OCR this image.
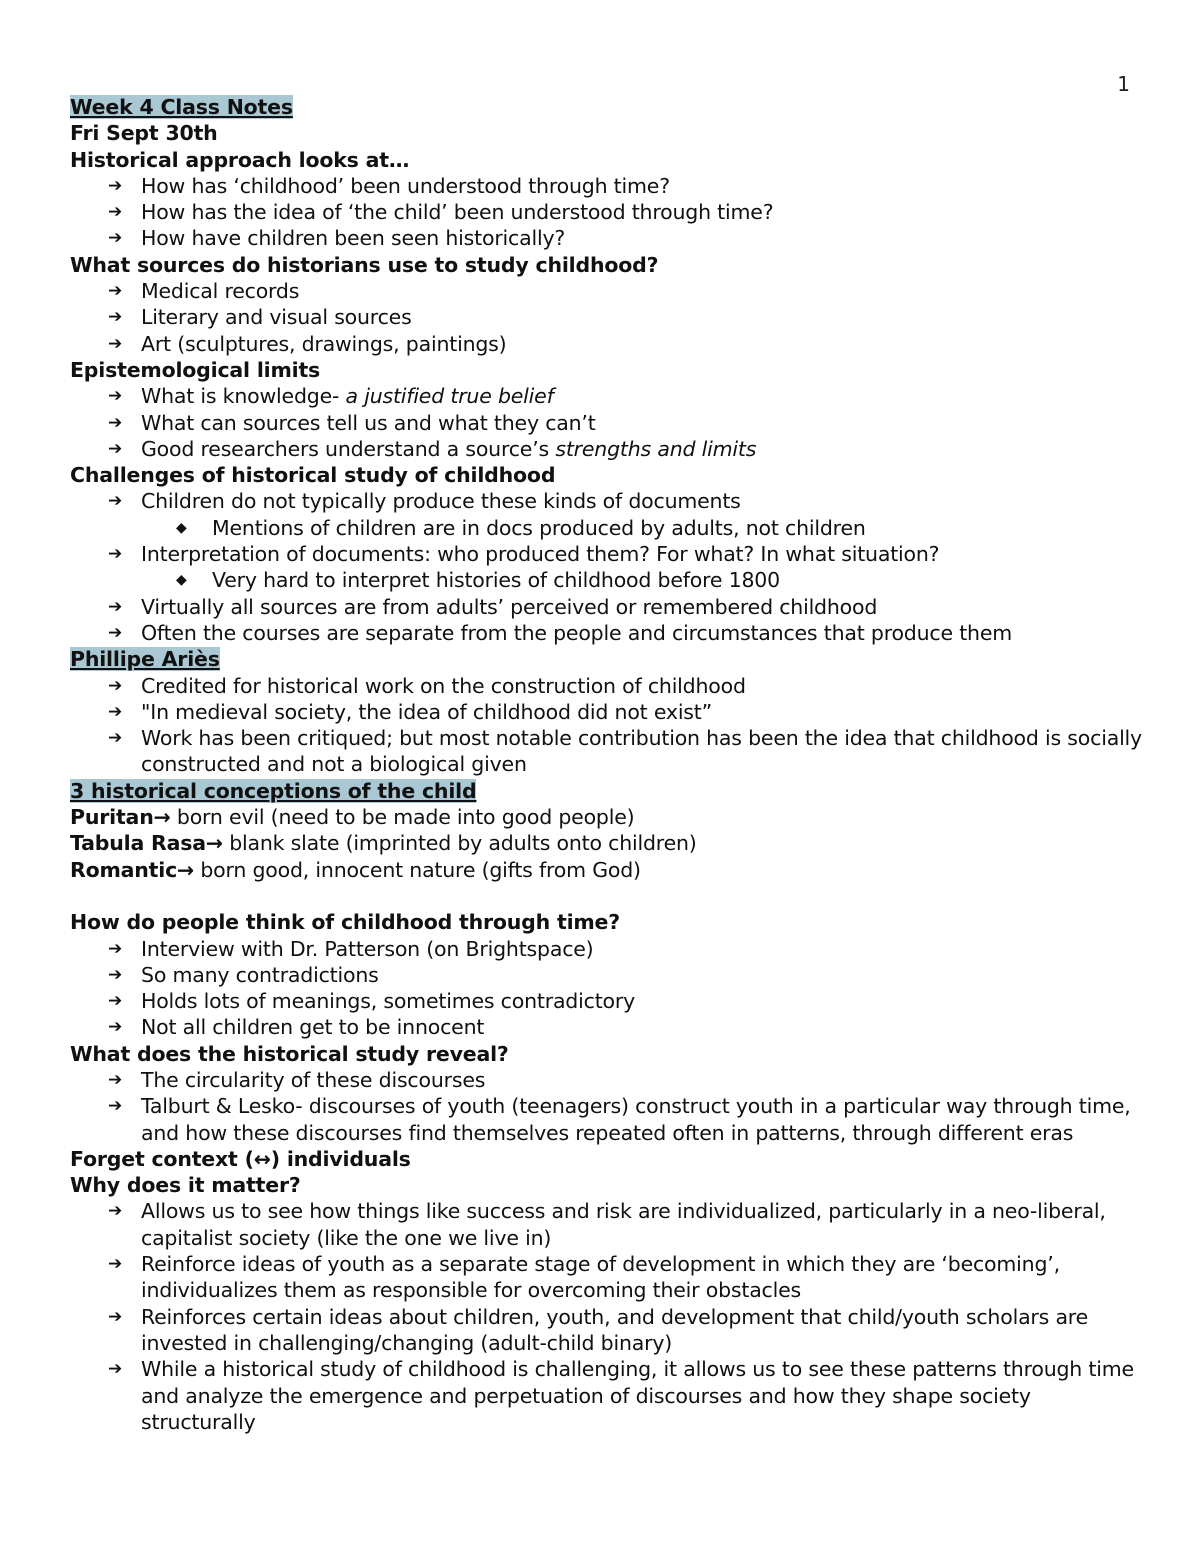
1
Week 4 Class Notes
Fri Sept 30th
Historical approach looks at…
➔ How has ‘childhood’ been understood through time?
➔ How has the idea of ‘the child’ been understood through time?
➔ How have children been seen historically?
What sources do historians use to study childhood?
➔ Medical records
➔ Literary and visual sources
➔ Art (sculptures, drawings, paintings)
Epistemological limits
➔ What is knowledge- a justified true belief
➔ What can sources tell us and what they can’t
➔ Good researchers understand a source’s strengths and limits
Challenges of historical study of childhood
➔ Children do not typically produce these kinds of documents
◆ Mentions of children are in docs produced by adults, not children
➔ Interpretation of documents: who produced them? For what? In what situation?
◆ Very hard to interpret histories of childhood before 1800
➔ Virtually all sources are from adults’ perceived or remembered childhood
➔ Often the courses are separate from the people and circumstances that produce them
Phillipe Ariès
➔ Credited for historical work on the construction of childhood
➔ "In medieval society, the idea of childhood did not exist”
➔ Work has been critiqued; but most notable contribution has been the idea that childhood is socially constructed and not a biological given
3 historical conceptions of the child
Puritan→ born evil (need to be made into good people)
Tabula Rasa→ blank slate (imprinted by adults onto children)
Romantic→ born good, innocent nature (gifts from God)
How do people think of childhood through time?
➔ Interview with Dr. Patterson (on Brightspace)
➔ So many contradictions
➔ Holds lots of meanings, sometimes contradictory
➔ Not all children get to be innocent
What does the historical study reveal?
➔ The circularity of these discourses
➔ Talburt & Lesko- discourses of youth (teenagers) construct youth in a particular way through time, and how these discourses find themselves repeated often in patterns, through different eras
Forget context (↔) individuals
Why does it matter?
➔ Allows us to see how things like success and risk are individualized, particularly in a neo-liberal, capitalist society (like the one we live in)
➔ Reinforce ideas of youth as a separate stage of development in which they are ‘becoming’, individualizes them as responsible for overcoming their obstacles
➔ Reinforces certain ideas about children, youth, and development that child/youth scholars are invested in challenging/changing (adult-child binary)
➔ While a historical study of childhood is challenging, it allows us to see these patterns through time and analyze the emergence and perpetuation of discourses and how they shape society structurally
